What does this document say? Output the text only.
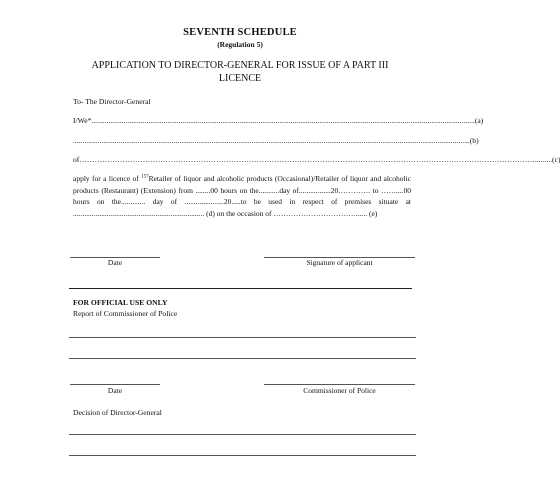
SEVENTH SCHEDULE
(Regulation 5)
APPLICATION TO DIRECTOR-GENERAL FOR ISSUE OF A PART III
LICENCE
To- The Director-General
I/We* .......................................................................................................................................................................................................... (a)
................................................................................................................................................................................................................. (b)
of ………………………………………………………………………………………………………………………………………………………………......... (c)
apply for a licence of $^{157}$Retailer of liquor and alcoholic products (Occasional)/Retailer of liquor and alcoholic products (Restaurant) (Extension) from ........00 hours on the...........day of.................20…………. to ……....00 hours on the............. day of .....................20.....to be used in respect of premises situate at ...................................................................... (d) on the occasion of ……………………………...... (e)
Date	Signature of applicant
FOR OFFICIAL USE ONLY
Report of Commissioner of Police
Date	Commissioner of Police
Decision of Director-General
